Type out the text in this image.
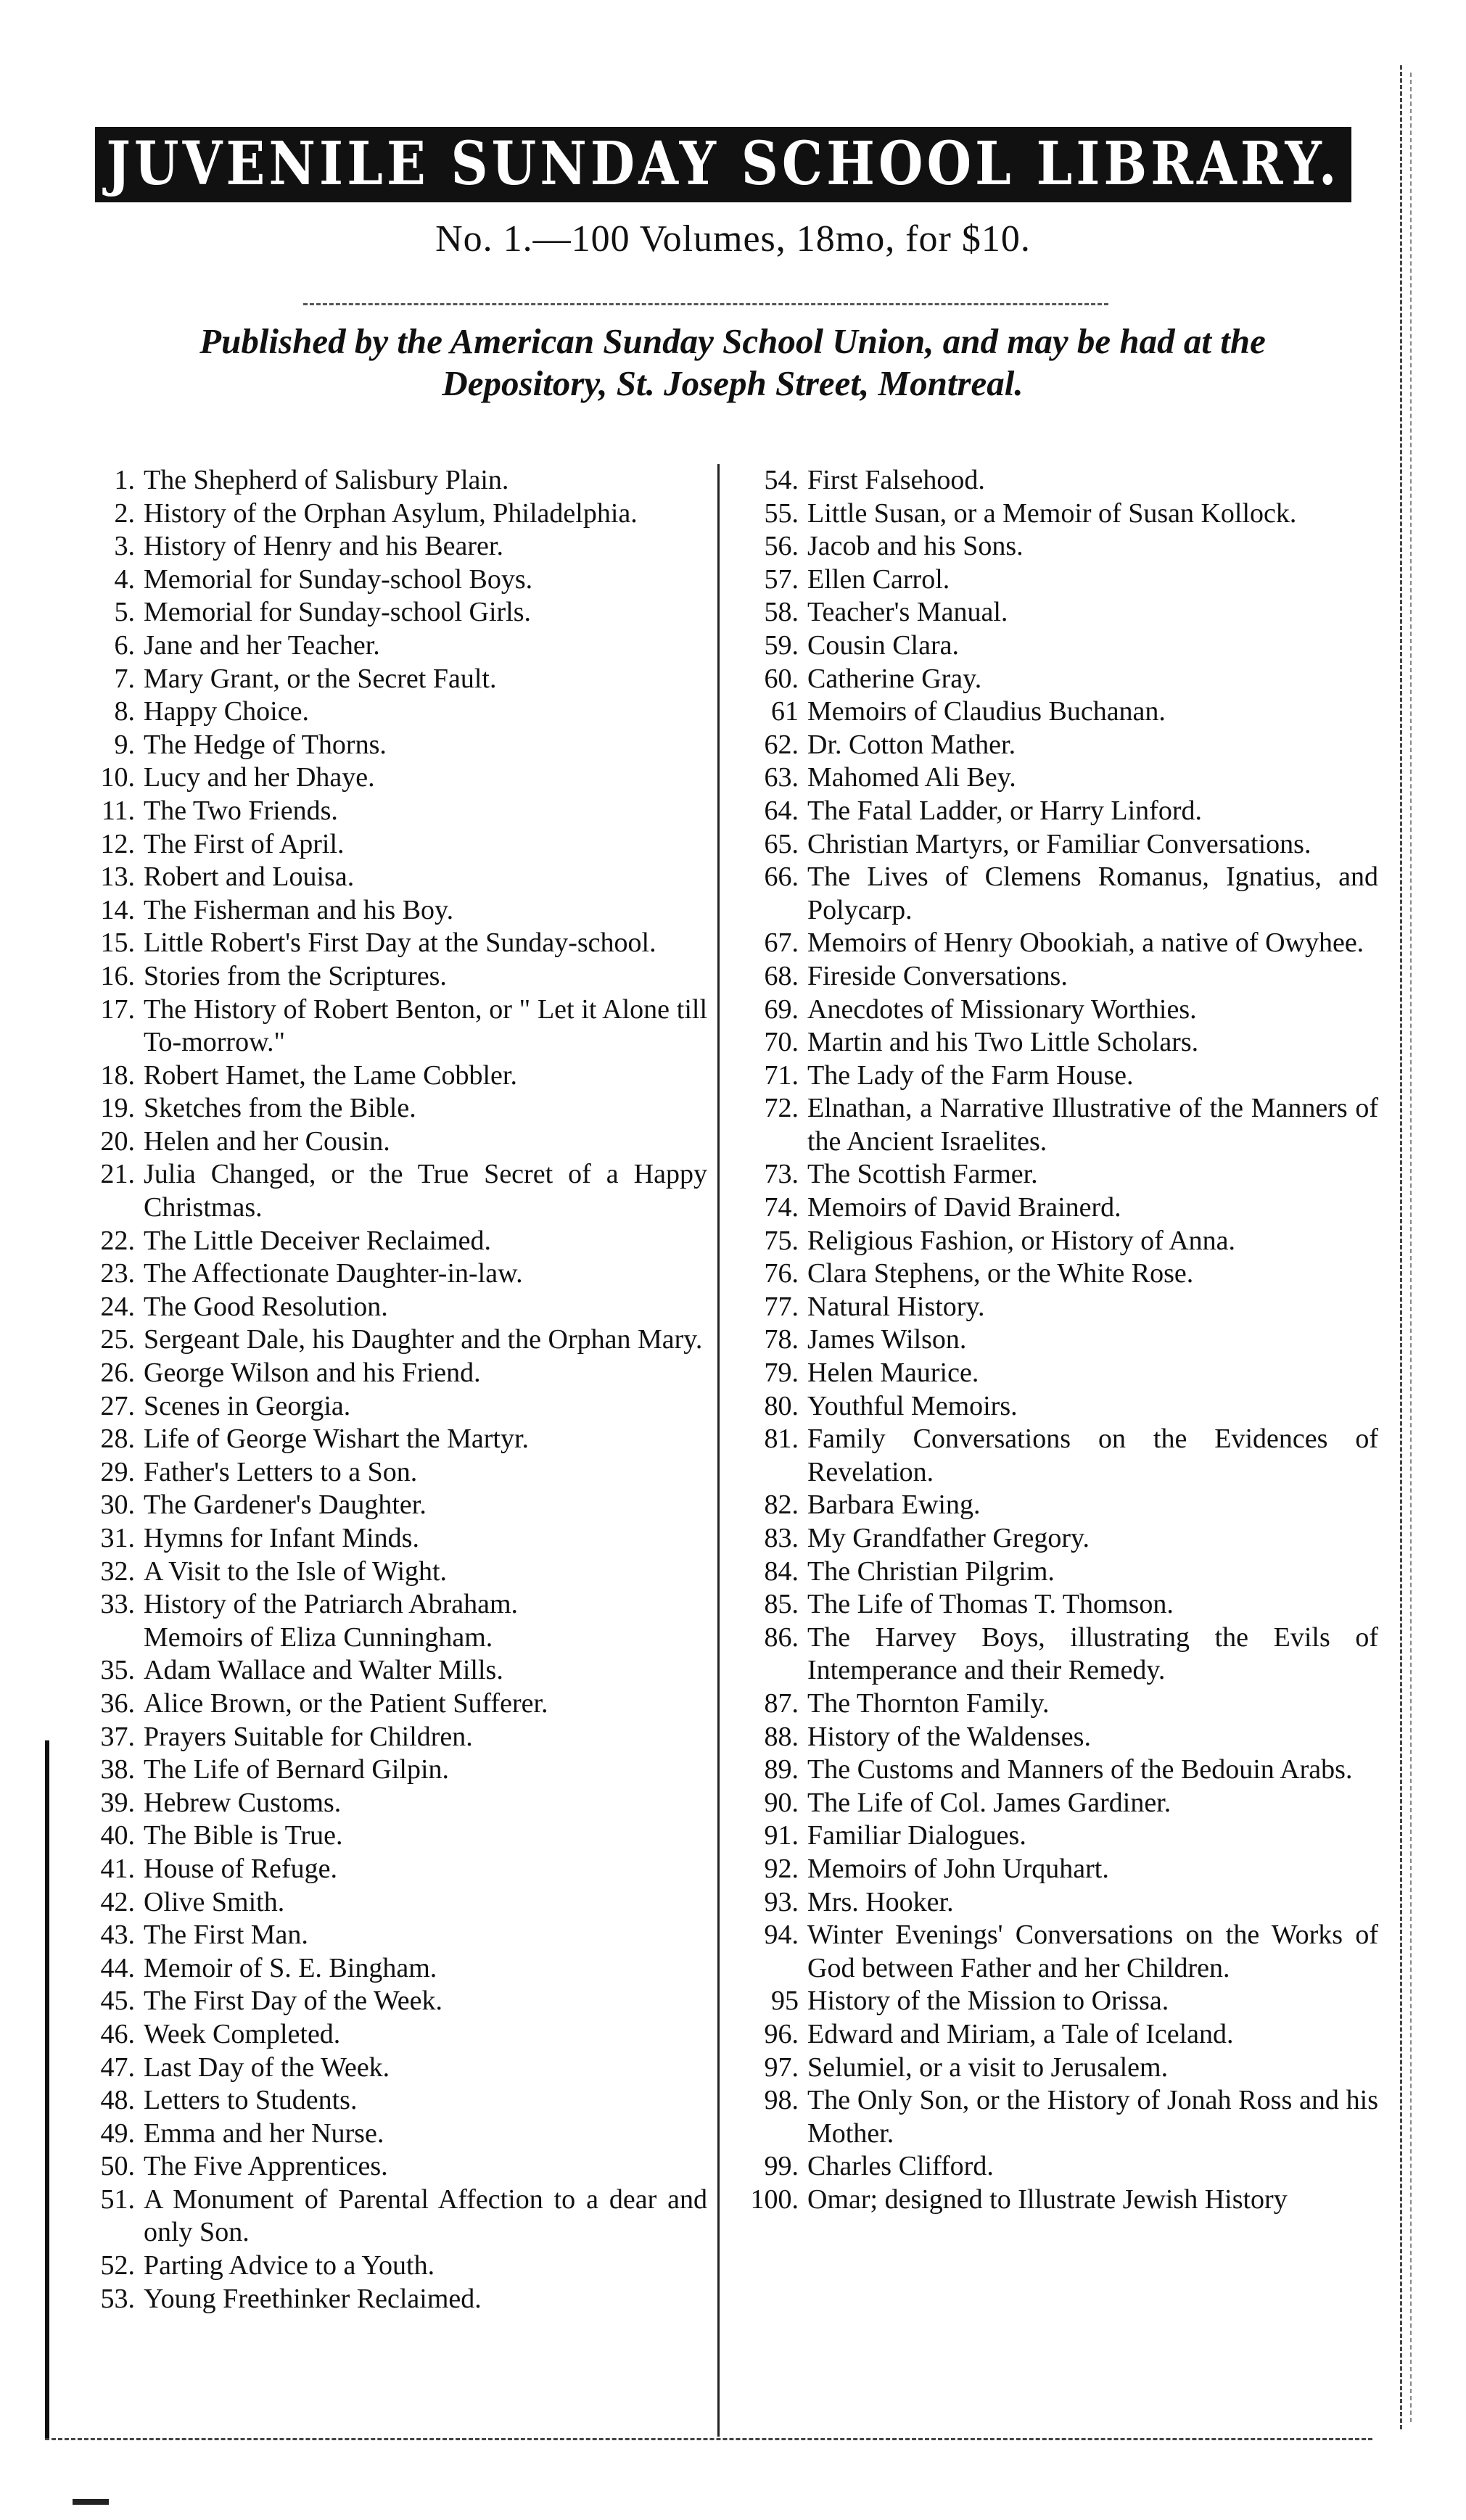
JUVENILE SUNDAY SCHOOL LIBRARY.
No. 1.—100 Volumes, 18mo, for $10.
Published by the American Sunday School Union, and may be had at the
Depository, St. Joseph Street, Montreal.
1. The Shepherd of Salisbury Plain.
2. History of the Orphan Asylum, Philadelphia.
3. History of Henry and his Bearer.
4. Memorial for Sunday-school Boys.
5. Memorial for Sunday-school Girls.
6. Jane and her Teacher.
7. Mary Grant, or the Secret Fault.
8. Happy Choice.
9. The Hedge of Thorns.
10. Lucy and her Dhaye.
11. The Two Friends.
12. The First of April.
13. Robert and Louisa.
14. The Fisherman and his Boy.
15. Little Robert's First Day at the Sunday-school.
16. Stories from the Scriptures.
17. The History of Robert Benton, or " Let it Alone till To-morrow."
18. Robert Hamet, the Lame Cobbler.
19. Sketches from the Bible.
20. Helen and her Cousin.
21. Julia Changed, or the True Secret of a Happy Christmas.
22. The Little Deceiver Reclaimed.
23. The Affectionate Daughter-in-law.
24. The Good Resolution.
25. Sergeant Dale, his Daughter and the Orphan Mary.
26. George Wilson and his Friend.
27. Scenes in Georgia.
28. Life of George Wishart the Martyr.
29. Father's Letters to a Son.
30. The Gardener's Daughter.
31. Hymns for Infant Minds.
32. A Visit to the Isle of Wight.
33. History of the Patriarch Abraham.
Memoirs of Eliza Cunningham.
35. Adam Wallace and Walter Mills.
36. Alice Brown, or the Patient Sufferer.
37. Prayers Suitable for Children.
38. The Life of Bernard Gilpin.
39. Hebrew Customs.
40. The Bible is True.
41. House of Refuge.
42. Olive Smith.
43. The First Man.
44. Memoir of S. E. Bingham.
45. The First Day of the Week.
46. Week Completed.
47. Last Day of the Week.
48. Letters to Students.
49. Emma and her Nurse.
50. The Five Apprentices.
51. A Monument of Parental Affection to a dear and only Son.
52. Parting Advice to a Youth.
53. Young Freethinker Reclaimed.
54. First Falsehood.
55. Little Susan, or a Memoir of Susan Kollock.
56. Jacob and his Sons.
57. Ellen Carrol.
58. Teacher's Manual.
59. Cousin Clara.
60. Catherine Gray.
61 Memoirs of Claudius Buchanan.
62. Dr. Cotton Mather.
63. Mahomed Ali Bey.
64. The Fatal Ladder, or Harry Linford.
65. Christian Martyrs, or Familiar Conversations.
66. The Lives of Clemens Romanus, Ignatius, and Polycarp.
67. Memoirs of Henry Obookiah, a native of Owyhee.
68. Fireside Conversations.
69. Anecdotes of Missionary Worthies.
70. Martin and his Two Little Scholars.
71. The Lady of the Farm House.
72. Elnathan, a Narrative Illustrative of the Manners of the Ancient Israelites.
73. The Scottish Farmer.
74. Memoirs of David Brainerd.
75. Religious Fashion, or History of Anna.
76. Clara Stephens, or the White Rose.
77. Natural History.
78. James Wilson.
79. Helen Maurice.
80. Youthful Memoirs.
81. Family Conversations on the Evidences of Revelation.
82. Barbara Ewing.
83. My Grandfather Gregory.
84. The Christian Pilgrim.
85. The Life of Thomas T. Thomson.
86. The Harvey Boys, illustrating the Evils of Intemperance and their Remedy.
87. The Thornton Family.
88. History of the Waldenses.
89. The Customs and Manners of the Bedouin Arabs.
90. The Life of Col. James Gardiner.
91. Familiar Dialogues.
92. Memoirs of John Urquhart.
93. Mrs. Hooker.
94. Winter Evenings' Conversations on the Works of God between Father and her Children.
95 History of the Mission to Orissa.
96. Edward and Miriam, a Tale of Iceland.
97. Selumiel, or a visit to Jerusalem.
98. The Only Son, or the History of Jonah Ross and his Mother.
99. Charles Clifford.
100. Omar; designed to Illustrate Jewish History
